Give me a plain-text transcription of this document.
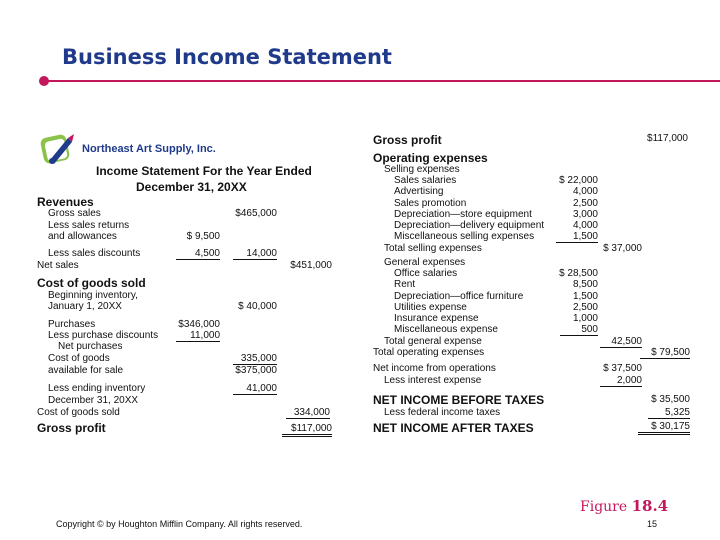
Business Income Statement
Northeast Art Supply, Inc.
Income Statement For the Year Ended
December 31, 20XX
Revenues
Gross sales	$465,000
Less sales returns
and allowances	$ 9,500
Less sales discounts	4,500	14,000
Net sales	$451,000
Cost of goods sold
Beginning inventory,
January 1, 20XX	$ 40,000
Purchases	$346,000
Less purchase discounts	11,000
Net purchases
Cost of goods	335,000
available for sale	$375,000
Less ending inventory	41,000
December 31, 20XX
Cost of goods sold	334,000
Gross profit	$117,000
Gross profit	$117,000
Operating expenses
Selling expenses
Sales salaries	$ 22,000
Advertising	4,000
Sales promotion	2,500
Depreciation—store equipment	3,000
Depreciation—delivery equipment	4,000
Miscellaneous selling expenses	1,500
Total selling expenses	$ 37,000
General expenses
Office salaries	$ 28,500
Rent	8,500
Depreciation—office furniture	1,500
Utilities expense	2,500
Insurance expense	1,000
Miscellaneous expense	500
Total general expense	42,500
Total operating expenses	$ 79,500
Net income from operations	$ 37,500
Less interest expense	2,000
NET INCOME BEFORE TAXES	$ 35,500
Less federal income taxes	5,325
NET INCOME AFTER TAXES	$ 30,175
Figure 18.4
Copyright © by Houghton Mifflin Company. All rights reserved.	15
